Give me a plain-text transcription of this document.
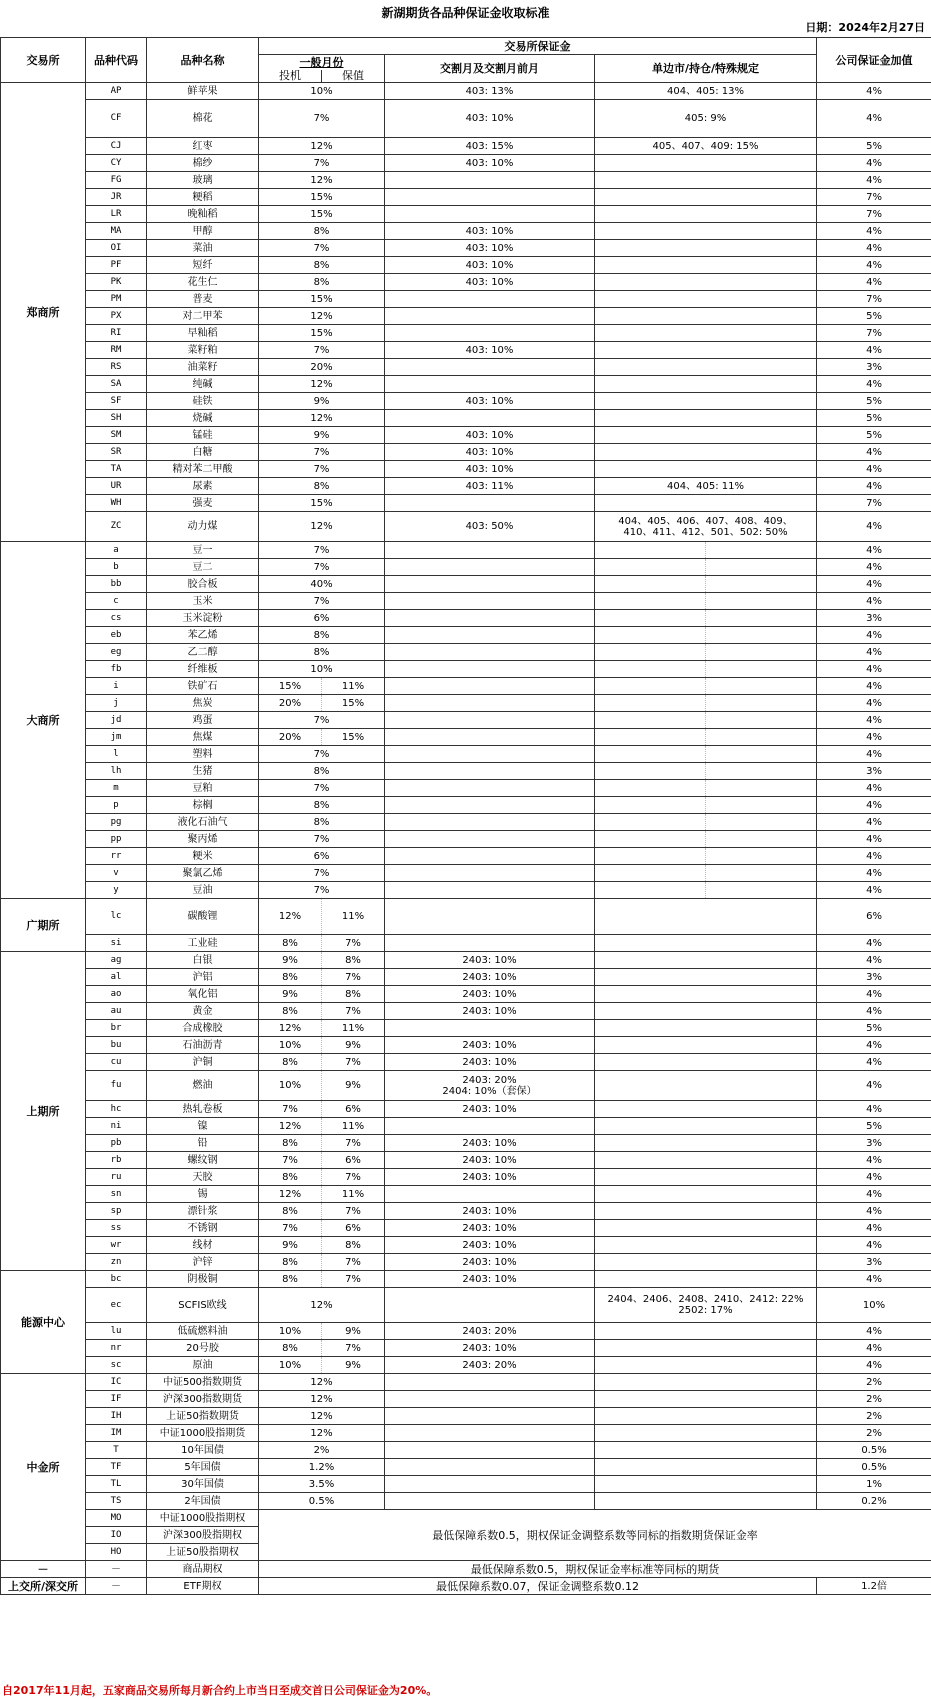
新湖期货各品种保证金收取标准
日期：2024年2月27日
交易所	品种代码	品种名称	交易所保证金					公司保证金加值
			一般月份		交割月及交割月前月	单边市/持仓/特殊规定		
			投机	保值				
郑商所	AP	鲜苹果	10%		403: 13%	404、405: 13%		4%
	CF	棉花	7%		403: 10%	405: 9%		4%
	CJ	红枣	12%		403: 15%	405、407、409: 15%		5%
	CY	棉纱	7%		403: 10%			4%
	FG	玻璃	12%					4%
	JR	粳稻	15%					7%
	LR	晚籼稻	15%					7%
	MA	甲醇	8%		403: 10%			4%
	OI	菜油	7%		403: 10%			4%
	PF	短纤	8%		403: 10%			4%
	PK	花生仁	8%		403: 10%			4%
	PM	普麦	15%					7%
	PX	对二甲苯	12%					5%
	RI	早籼稻	15%					7%
	RM	菜籽粕	7%		403: 10%			4%
	RS	油菜籽	20%					3%
	SA	纯碱	12%					4%
	SF	硅铁	9%		403: 10%			5%
	SH	烧碱	12%					5%
	SM	锰硅	9%		403: 10%			5%
	SR	白糖	7%		403: 10%			4%
	TA	精对苯二甲酸	7%		403: 10%			4%
	UR	尿素	8%		403: 11%	404、405: 11%		4%
	WH	强麦	15%					7%
	ZC	动力煤	12%		403: 50%	404、405、406、407、408、409、410、411、412、501、502: 50%		4%
大商所	a	豆一	7%					4%
	b	豆二	7%					4%
	bb	胶合板	40%					4%
	c	玉米	7%					4%
	cs	玉米淀粉	6%					3%
	eb	苯乙烯	8%					4%
	eg	乙二醇	8%					4%
	fb	纤维板	10%					4%
	i	铁矿石	15%	11%				4%
	j	焦炭	20%	15%				4%
	jd	鸡蛋	7%					4%
	jm	焦煤	20%	15%				4%
	l	塑料	7%					4%
	lh	生猪	8%					3%
	m	豆粕	7%					4%
	p	棕榈	8%					4%
	pg	液化石油气	8%					4%
	pp	聚丙烯	7%					4%
	rr	粳米	6%					4%
	v	聚氯乙烯	7%					4%
	y	豆油	7%					4%
广期所	lc	碳酸锂	12%	11%				6%
	si	工业硅	8%	7%				4%
上期所	ag	白银	9%	8%	2403: 10%			4%
	al	沪铝	8%	7%	2403: 10%			3%
	ao	氧化铝	9%	8%	2403: 10%			4%
	au	黄金	8%	7%	2403: 10%			4%
	br	合成橡胶	12%	11%				5%
	bu	石油沥青	10%	9%	2403: 10%			4%
	cu	沪铜	8%	7%	2403: 10%			4%
	fu	燃油	10%	9%	2403: 20%
2404: 10%（套保）			4%
	hc	热轧卷板	7%	6%	2403: 10%			4%
	ni	镍	12%	11%				5%
	pb	铅	8%	7%	2403: 10%			3%
	rb	螺纹钢	7%	6%	2403: 10%			4%
	ru	天胶	8%	7%	2403: 10%			4%
	sn	锡	12%	11%				4%
	sp	漂针浆	8%	7%	2403: 10%			4%
	ss	不锈钢	7%	6%	2403: 10%			4%
	wr	线材	9%	8%	2403: 10%			4%
	zn	沪锌	8%	7%	2403: 10%			3%
能源中心	bc	阴极铜	8%	7%	2403: 10%			4%
	ec	SCFIS欧线	12%			2404、2406、2408、2410、2412: 22%
2502: 17%		10%
	lu	低硫燃料油	10%	9%	2403: 20%			4%
	nr	20号胶	8%	7%	2403: 10%			4%
	sc	原油	10%	9%	2403: 20%			4%
中金所	IC	中证500指数期货	12%					2%
	IF	沪深300指数期货	12%					2%
	IH	上证50指数期货	12%					2%
	IM	中证1000股指期货	12%					2%
	T	10年国债	2%					0.5%
	TF	5年国债	1.2%					0.5%
	TL	30年国债	3.5%					1%
	TS	2年国债	0.5%					0.2%
	MO	中证1000股指期权	最低保障系数0.5，期权保证金调整系数等同标的指数期货保证金率					
	IO	沪深300股指期权						
	HO	上证50股指期权						
－	－	商品期权	最低保障系数0.5，期权保证金率标准等同标的期货					
上交所/深交所	－	ETF期权	最低保障系数0.07，保证金调整系数0.12					1.2倍
自2017年11月起，五家商品交易所每月新合约上市当日至成交首日公司保证金为20%。
